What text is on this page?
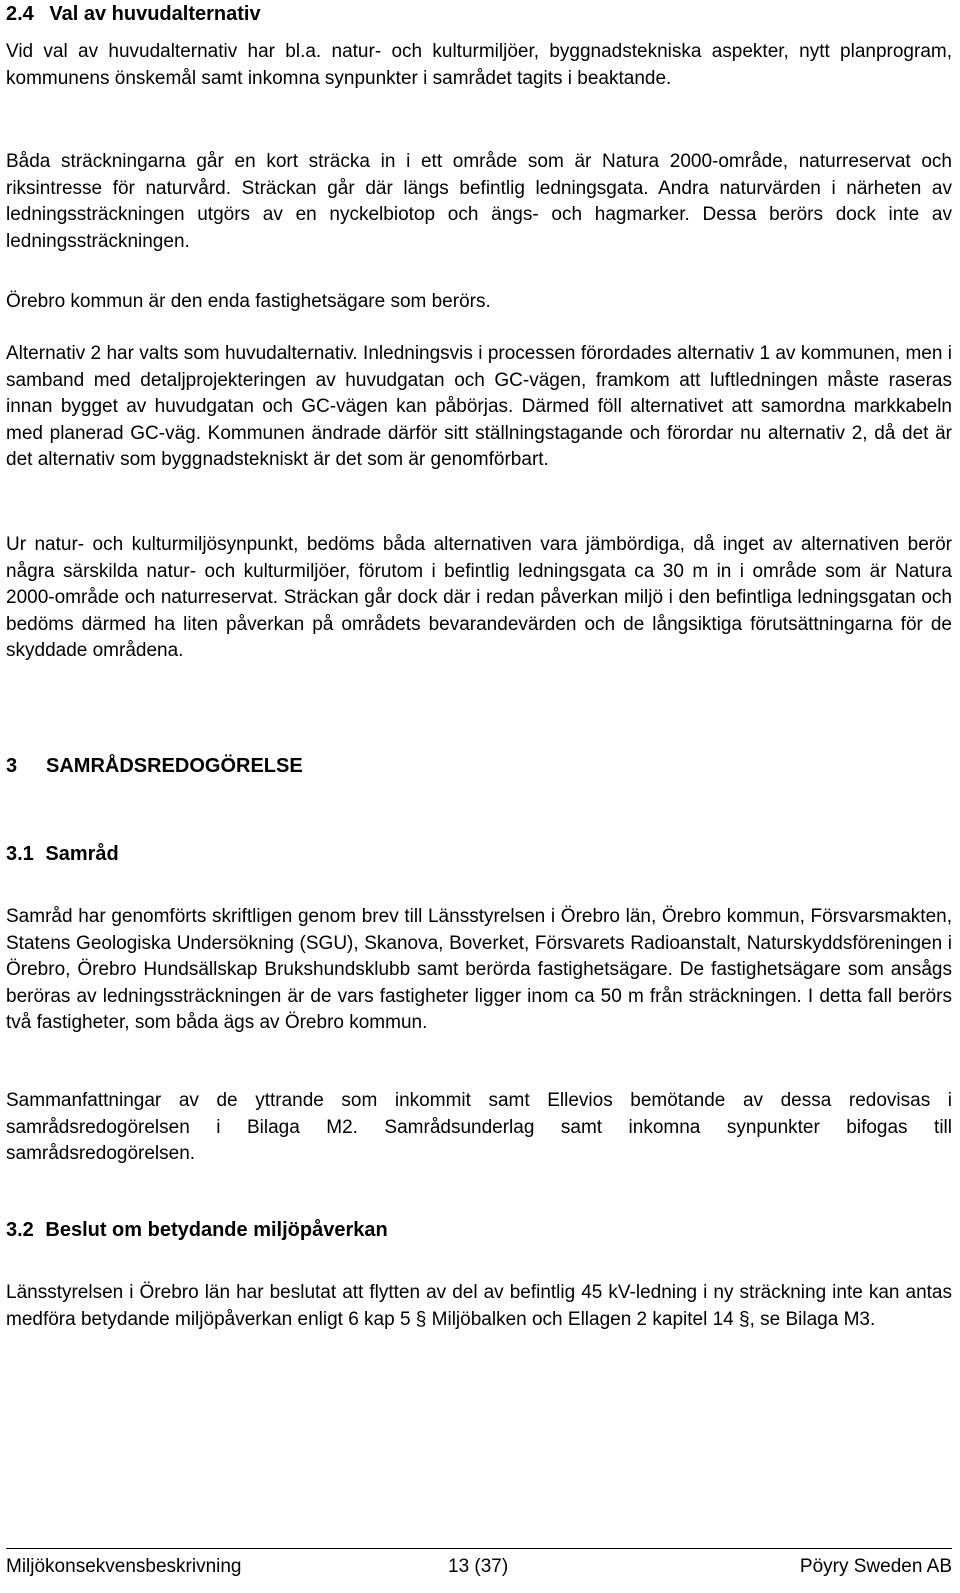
2.4 Val av huvudalternativ

Vid val av huvudalternativ har bl.a. natur- och kulturmiljöer, byggnadstekniska aspekter, nytt planprogram, kommunens önskemål samt inkomna synpunkter i samrådet tagits i beaktande.

Båda sträckningarna går en kort sträcka in i ett område som är Natura 2000-område, naturreservat och riksintresse för naturvård. Sträckan går där längs befintlig ledningsgata. Andra naturvärden i närheten av ledningssträckningen utgörs av en nyckelbiotop och ängs- och hagmarker. Dessa berörs dock inte av ledningssträckningen.

Örebro kommun är den enda fastighetsägare som berörs.

Alternativ 2 har valts som huvudalternativ. Inledningsvis i processen förordades alternativ 1 av kommunen, men i samband med detaljprojekteringen av huvudgatan och GC-vägen, framkom att luftledningen måste raseras innan bygget av huvudgatan och GC-vägen kan påbörjas. Därmed föll alternativet att samordna markkabeln med planerad GC-väg. Kommunen ändrade därför sitt ställningstagande och förordar nu alternativ 2, då det är det alternativ som byggnadstekniskt är det som är genomförbart.

Ur natur- och kulturmiljösynpunkt, bedöms båda alternativen vara jämbördiga, då inget av alternativen berör några särskilda natur- och kulturmiljöer, förutom i befintlig ledningsgata ca 30 m in i område som är Natura 2000-område och naturreservat. Sträckan går dock där i redan påverkan miljö i den befintliga ledningsgatan och bedöms därmed ha liten påverkan på områdets bevarandevärden och de långsiktiga förutsättningarna för de skyddade områdena.

3 SAMRÅDSREDOGÖRELSE
3.1 Samråd

Samråd har genomförts skriftligen genom brev till Länsstyrelsen i Örebro län, Örebro kommun, Försvarsmakten, Statens Geologiska Undersökning (SGU), Skanova, Boverket, Försvarets Radioanstalt, Naturskyddsföreningen i Örebro, Örebro Hundsällskap Brukshundsklubb samt berörda fastighetsägare. De fastighetsägare som ansågs beröras av ledningssträckningen är de vars fastigheter ligger inom ca 50 m från sträckningen. I detta fall berörs två fastigheter, som båda ägs av Örebro kommun.

Sammanfattningar av de yttrande som inkommit samt Ellevios bemötande av dessa redovisas i samrådsredogörelsen i Bilaga M2. Samrådsunderlag samt inkomna synpunkter bifogas till samrådsredogörelsen.

3.2 Beslut om betydande miljöpåverkan

Länsstyrelsen i Örebro län har beslutat att flytten av del av befintlig 45 kV-ledning i ny sträckning inte kan antas medföra betydande miljöpåverkan enligt 6 kap 5 § Miljöbalken och Ellagen 2 kapitel 14 §, se Bilaga M3.

Miljökonsekvensbeskrivning	13 (37)	Pöyry Sweden AB
